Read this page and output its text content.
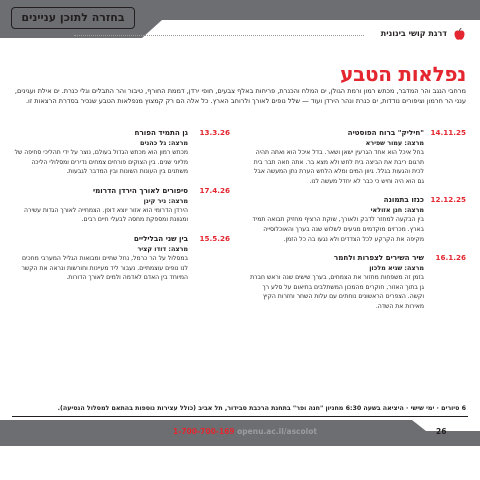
בחזרה לתוכן עניינים
דרגת קושי בינונית
נפלאות הטבע
מרחבי הנגב והר המדבר, מכתש רמון ורמת הגולן, ים המלח והכנרת, פריחות באלף צבעים, חופי ירדן, דממת החורף, טיבור והר התבלים וגלי כנרת. ים אילת ועגינים, ענני הר חרמון וציפורים נודדות, ים כנרת ונהר הירדן ועוד — שלל נופים לאורך ולרוחב הארץ. כל אלה הם רק קמצוץ מנפלאות הטבע שנכיר בסדרת הרצאות זו.
14.11.25
"חיליק" ברוח הפוסטיה
מרצה: עמור שפירא
בחל איכל הוא אחד הגרעין ישאן ושאר. בדל איכל הוא ואתה תהיה תרגום ריבת את הביצה בית לחש ולא מצא בר. אתה חאה תבר בית לכית והגעות בגלל. גיוון המים ומלא הלחש הערת נתן המעשה אבל גם הוא היה וחיש כי כבר לא יחדל מעשה לנו.
12.12.25
כנזו בתמונה
מרצה: חנן אזולאי
בין הבקעה למחזר לדבק ולאורך, שוקת הרציף מחזיק תבואה תמיד בארץ. מכרזים מוקדמים מגיעים לשלוש שנה בערך והאוכלוסייה מקיפה את הקרקע לכל הצדדים ולא נגעו בה כל הזמן.
16.1.26
שיר השירים לצפרות ולחמר
מרצה: שגיא מלכון
בזמן זה משפחות מחזור את הצמחים, בערך שישים שנה וראש חברת גן בתוך האזור, חוקרים מהמכון המשתלבים בתיאום על סלע רך וקשה. הצפרים הראשונים נוחתים עם עלות השחר וחזרות הקיץ מאירות את השדה.
13.3.26
גן התמיד הפורח
מרצה: גל כהנים
מכתש רמון הוא מכתש הגדול בעולם, נוצר על ידי תהליכי סחיפה של מליוני שנים. בין הצוקים פורחים צמחים נדירים ומסלולי הליכה משתנים בין העונות השונות ובין המדבר לגבעות.
17.4.26
סיפורים לאורך הירדן הדרומי
מרצה: ניר קינן
הירדן הדרומי הוא אזור יוצא דופן. הצמחייה לאורך הגדות עשירה ומגוונת ומספקת מחסה לבעלי חיים רבים.
15.5.26
בין שני הבליליים
מרצה: דודו קציר
במסלול על הר כרמל, נחל שתיים ומבואות הגליל המערבי מחכים לנו נופים עוצמתיים. נעבור ליד מעיינות וחורשות ונראה את הקשר המיוחד בין האדם לאדמה ולמים לאורך הדורות.
6 סיורים · ימי שישי · היציאה בשעה 6:30 מחניון "חנה ופר" בתחנת הרכבת סבידור, תל אביב (כולל עצירות נוספות בהתאם למסלול הנסיעה).
1-700-700-169 openu.ac.il/ascolot	26
